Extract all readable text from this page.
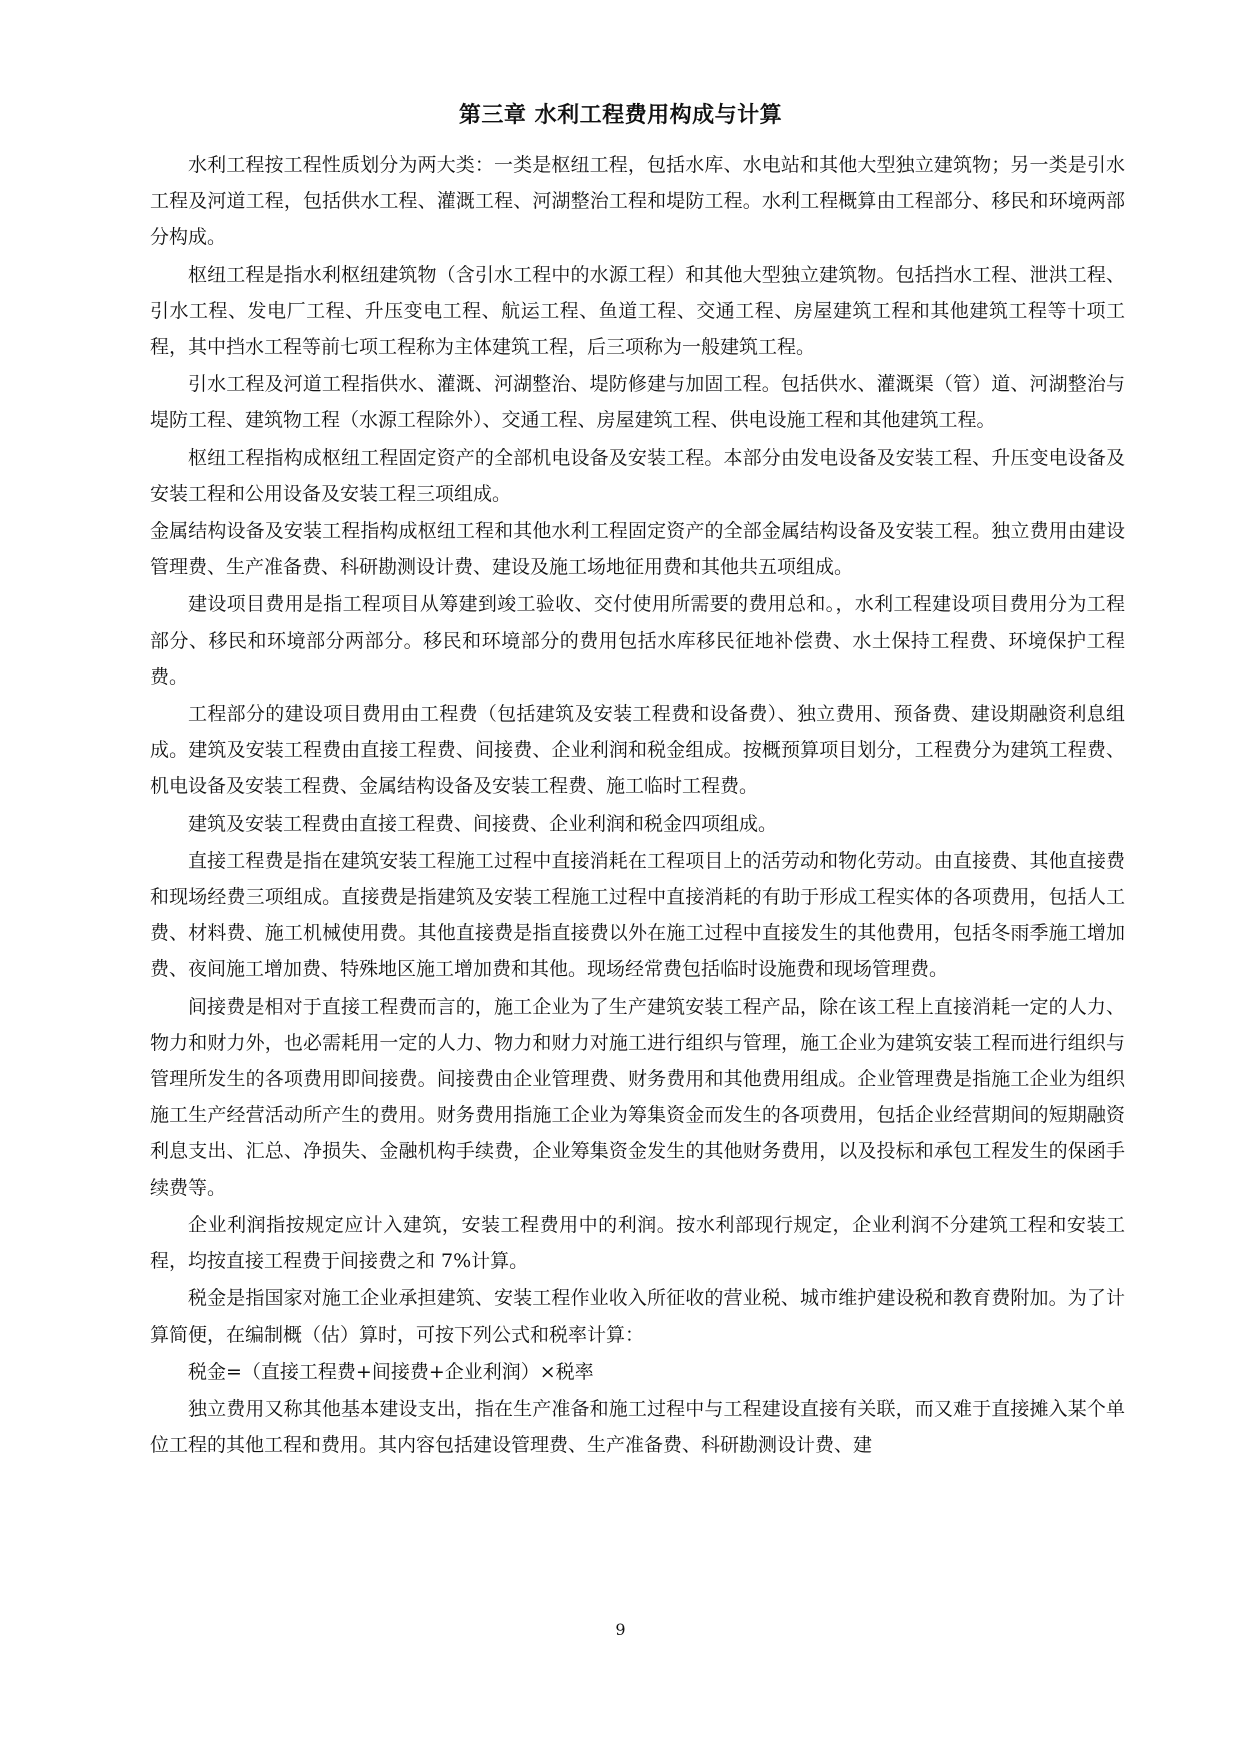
第三章 水利工程费用构成与计算

水利工程按工程性质划分为两大类：一类是枢纽工程，包括水库、水电站和其他大型独立建筑物；另一类是引水工程及河道工程，包括供水工程、灌溉工程、河湖整治工程和堤防工程。水利工程概算由工程部分、移民和环境两部分构成。

枢纽工程是指水利枢纽建筑物（含引水工程中的水源工程）和其他大型独立建筑物。包括挡水工程、泄洪工程、引水工程、发电厂工程、升压变电工程、航运工程、鱼道工程、交通工程、房屋建筑工程和其他建筑工程等十项工程，其中挡水工程等前七项工程称为主体建筑工程，后三项称为一般建筑工程。

引水工程及河道工程指供水、灌溉、河湖整治、堤防修建与加固工程。包括供水、灌溉渠（管）道、河湖整治与堤防工程、建筑物工程（水源工程除外）、交通工程、房屋建筑工程、供电设施工程和其他建筑工程。

枢纽工程指构成枢纽工程固定资产的全部机电设备及安装工程。本部分由发电设备及安装工程、升压变电设备及安装工程和公用设备及安装工程三项组成。

金属结构设备及安装工程指构成枢纽工程和其他水利工程固定资产的全部金属结构设备及安装工程。独立费用由建设管理费、生产准备费、科研勘测设计费、建设及施工场地征用费和其他共五项组成。

建设项目费用是指工程项目从筹建到竣工验收、交付使用所需要的费用总和。，水利工程建设项目费用分为工程部分、移民和环境部分两部分。移民和环境部分的费用包括水库移民征地补偿费、水土保持工程费、环境保护工程费。

工程部分的建设项目费用由工程费（包括建筑及安装工程费和设备费）、独立费用、预备费、建设期融资利息组成。建筑及安装工程费由直接工程费、间接费、企业利润和税金组成。按概预算项目划分，工程费分为建筑工程费、机电设备及安装工程费、金属结构设备及安装工程费、施工临时工程费。

建筑及安装工程费由直接工程费、间接费、企业利润和税金四项组成。

直接工程费是指在建筑安装工程施工过程中直接消耗在工程项目上的活劳动和物化劳动。由直接费、其他直接费和现场经费三项组成。直接费是指建筑及安装工程施工过程中直接消耗的有助于形成工程实体的各项费用，包括人工费、材料费、施工机械使用费。其他直接费是指直接费以外在施工过程中直接发生的其他费用，包括冬雨季施工增加费、夜间施工增加费、特殊地区施工增加费和其他。现场经常费包括临时设施费和现场管理费。

间接费是相对于直接工程费而言的，施工企业为了生产建筑安装工程产品，除在该工程上直接消耗一定的人力、物力和财力外，也必需耗用一定的人力、物力和财力对施工进行组织与管理，施工企业为建筑安装工程而进行组织与管理所发生的各项费用即间接费。间接费由企业管理费、财务费用和其他费用组成。企业管理费是指施工企业为组织施工生产经营活动所产生的费用。财务费用指施工企业为筹集资金而发生的各项费用，包括企业经营期间的短期融资利息支出、汇总、净损失、金融机构手续费，企业筹集资金发生的其他财务费用，以及投标和承包工程发生的保函手续费等。

企业利润指按规定应计入建筑，安装工程费用中的利润。按水利部现行规定，企业利润不分建筑工程和安装工程，均按直接工程费于间接费之和 7%计算。

税金是指国家对施工企业承担建筑、安装工程作业收入所征收的营业税、城市维护建设税和教育费附加。为了计算简便，在编制概（估）算时，可按下列公式和税率计算：

税金=（直接工程费+间接费+企业利润）×税率

独立费用又称其他基本建设支出，指在生产准备和施工过程中与工程建设直接有关联，而又难于直接摊入某个单位工程的其他工程和费用。其内容包括建设管理费、生产准备费、科研勘测设计费、建

9
